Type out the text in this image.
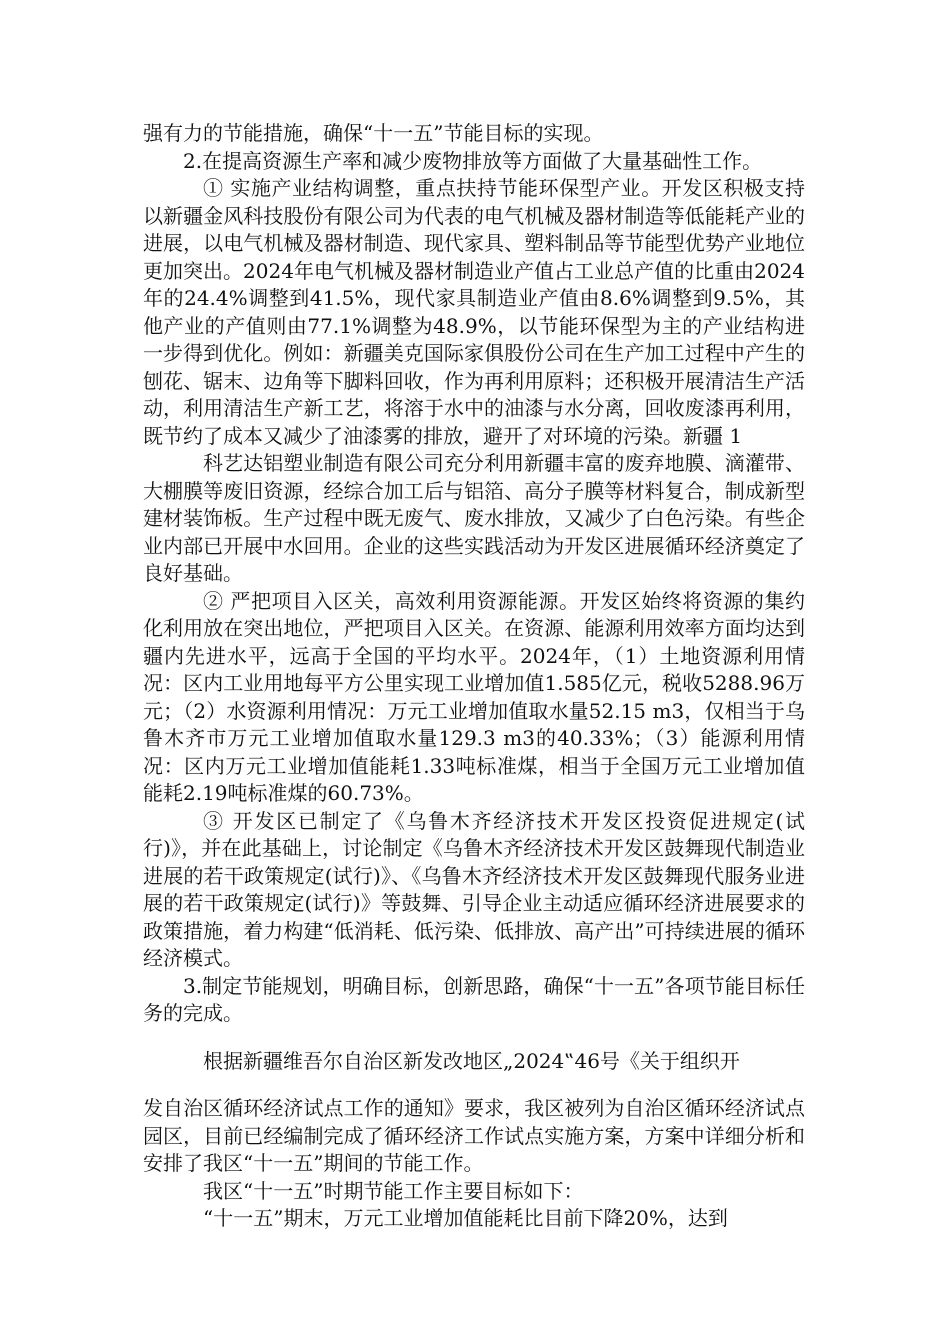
强有力的节能措施，确保“十一五”节能目标的实现。

2.在提高资源生产率和减少废物排放等方面做了大量基础性工作。

① 实施产业结构调整，重点扶持节能环保型产业。开发区积极支持以新疆金风科技股份有限公司为代表的电气机械及器材制造等低能耗产业的进展，以电气机械及器材制造、现代家具、塑料制品等节能型优势产业地位更加突出。2024年电气机械及器材制造业产值占工业总产值的比重由2024年的24.4%调整到41.5%，现代家具制造业产值由8.6%调整到9.5%，其他产业的产值则由77.1%调整为48.9%，以节能环保型为主的产业结构进一步得到优化。例如：新疆美克国际家俱股份公司在生产加工过程中产生的刨花、锯末、边角等下脚料回收，作为再利用原料；还积极开展清洁生产活动，利用清洁生产新工艺，将溶于水中的油漆与水分离，回收废漆再利用，既节约了成本又减少了油漆雾的排放，避开了对环境的污染。新疆 1

科艺达铝塑业制造有限公司充分利用新疆丰富的废弃地膜、滴灌带、大棚膜等废旧资源，经综合加工后与铝箔、高分子膜等材料复合，制成新型建材装饰板。生产过程中既无废气、废水排放，又减少了白色污染。有些企业内部已开展中水回用。企业的这些实践活动为开发区进展循环经济奠定了良好基础。

② 严把项目入区关，高效利用资源能源。开发区始终将资源的集约化利用放在突出地位，严把项目入区关。在资源、能源利用效率方面均达到疆内先进水平，远高于全国的平均水平。2024年，（1）土地资源利用情况：区内工业用地每平方公里实现工业增加值1.585亿元，税收5288.96万元；（2）水资源利用情况：万元工业增加值取水量52.15 m3，仅相当于乌鲁木齐市万元工业增加值取水量129.3 m3的40.33%；（3）能源利用情况：区内万元工业增加值能耗1.33吨标准煤，相当于全国万元工业增加值能耗2.19吨标准煤的60.73%。

③ 开发区已制定了《乌鲁木齐经济技术开发区投资促进规定(试行)》，并在此基础上，讨论制定《乌鲁木齐经济技术开发区鼓舞现代制造业进展的若干政策规定(试行)》、《乌鲁木齐经济技术开发区鼓舞现代服务业进展的若干政策规定(试行)》等鼓舞、引导企业主动适应循环经济进展要求的政策措施，着力构建“低消耗、低污染、低排放、高产出”可持续进展的循环经济模式。

3.制定节能规划，明确目标，创新思路，确保“十一五”各项节能目标任务的完成。

根据新疆维吾尔自治区新发改地区„2024‟46号《关于组织开

发自治区循环经济试点工作的通知》要求，我区被列为自治区循环经济试点园区，目前已经编制完成了循环经济工作试点实施方案，方案中详细分析和安排了我区“十一五”期间的节能工作。

我区“十一五”时期节能工作主要目标如下：

“十一五”期末，万元工业增加值能耗比目前下降20%，达到
